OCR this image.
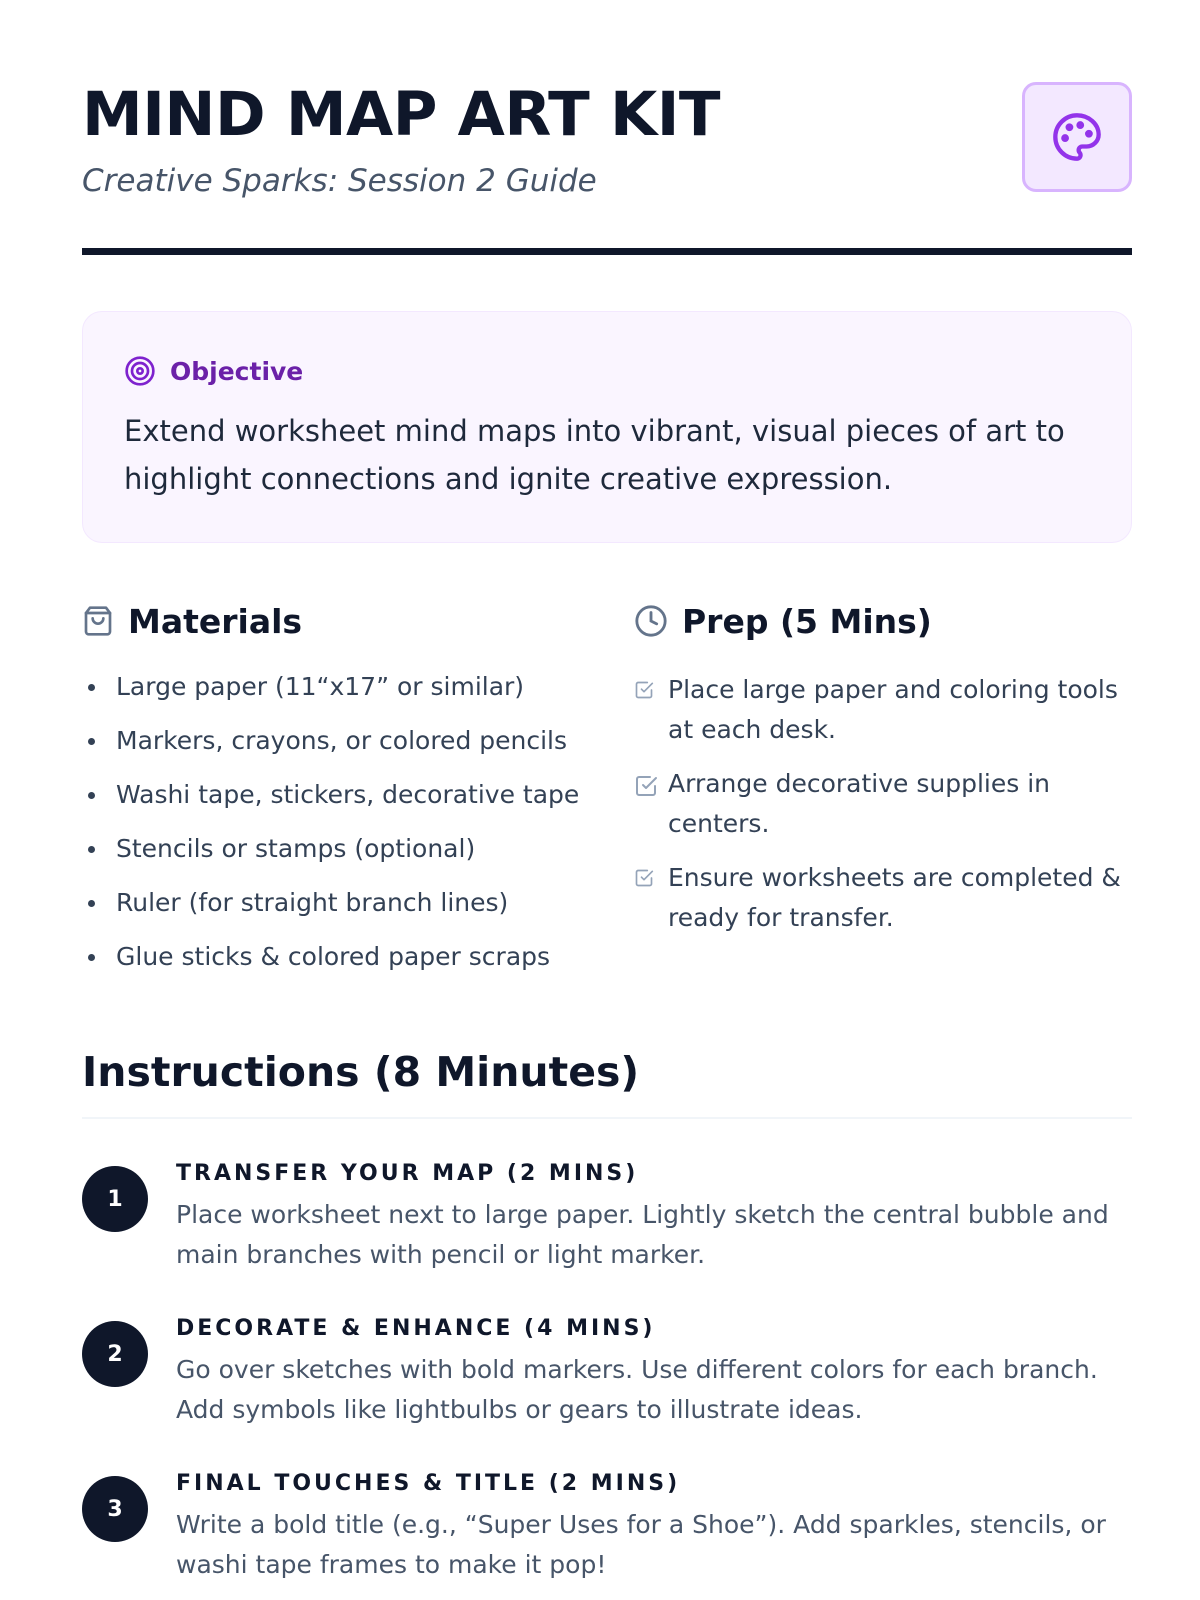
MIND MAP ART KIT
Creative Sparks: Session 2 Guide
Objective
Extend worksheet mind maps into vibrant, visual pieces of art to highlight connections and ignite creative expression.
Materials
Large paper (11“x17” or similar)
Markers, crayons, or colored pencils
Washi tape, stickers, decorative tape
Stencils or stamps (optional)
Ruler (for straight branch lines)
Glue sticks & colored paper scraps
Prep (5 Mins)
Place large paper and coloring tools at each desk.
Arrange decorative supplies in centers.
Ensure worksheets are completed & ready for transfer.
Instructions (8 Minutes)
1
TRANSFER YOUR MAP (2 MINS)
Place worksheet next to large paper. Lightly sketch the central bubble and main branches with pencil or light marker.
2
DECORATE & ENHANCE (4 MINS)
Go over sketches with bold markers. Use different colors for each branch. Add symbols like lightbulbs or gears to illustrate ideas.
3
FINAL TOUCHES & TITLE (2 MINS)
Write a bold title (e.g., “Super Uses for a Shoe”). Add sparkles, stencils, or washi tape frames to make it pop!
